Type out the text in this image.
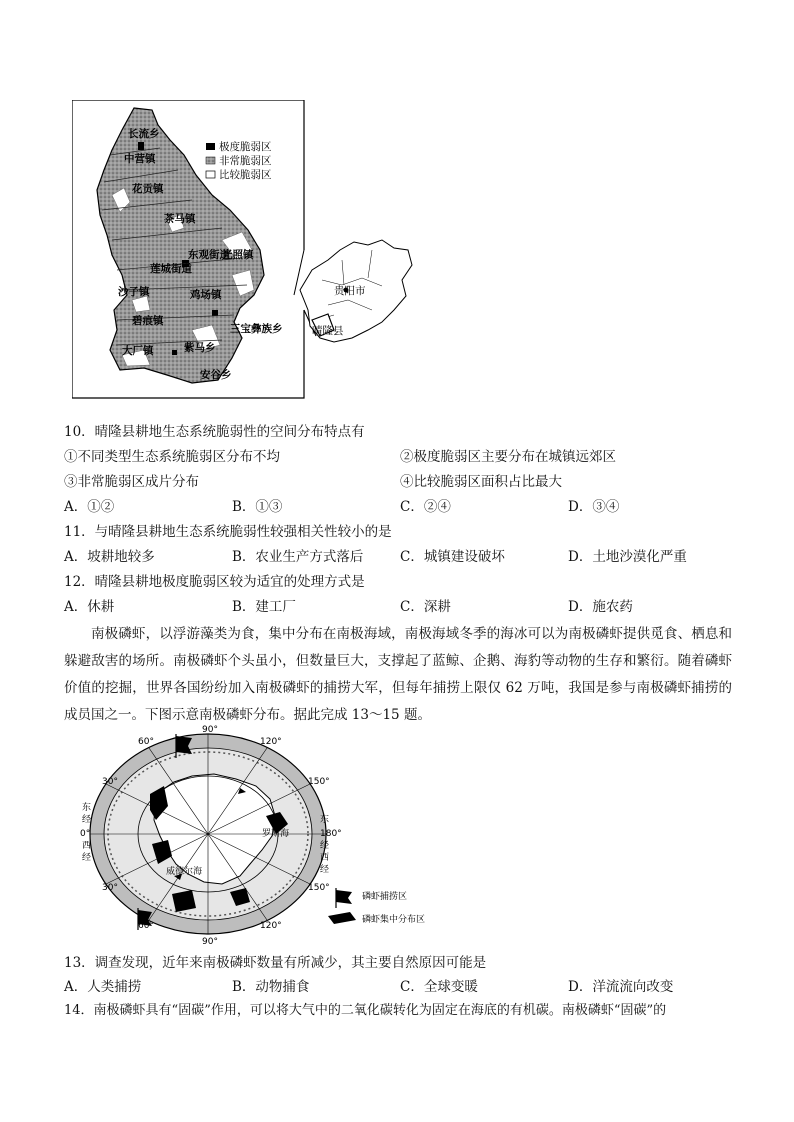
极度脆弱区
非常脆弱区
比较脆弱区
长流乡
中营镇
花贡镇
茶马镇
莲城街道
东观街道
光照镇
沙子镇	鸡场镇
碧痕镇
三宝彝族乡
大厂镇	紫马乡
安谷乡
贵阳市
晴隆县
10．晴隆县耕地生态系统脆弱性的空间分布特点有
①不同类型生态系统脆弱区分布不均	②极度脆弱区主要分布在城镇远郊区
③非常脆弱区成片分布	④比较脆弱区面积占比最大
A．①②	B．①③	C．②④	D．③④
11．与晴隆县耕地生态系统脆弱性较强相关性较小的是
A．坡耕地较多	B．农业生产方式落后	C．城镇建设破坏	D．土地沙漠化严重
12．晴隆县耕地极度脆弱区较为适宜的处理方式是
A．休耕	B．建工厂	C．深耕	D．施农药
南极磷虾，以浮游藻类为食，集中分布在南极海域，南极海域冬季的海冰可以为南极磷虾提供觅食、栖息和躲避敌害的场所。南极磷虾个头虽小，但数量巨大，支撑起了蓝鲸、企鹅、海豹等动物的生存和繁衍。随着磷虾价值的挖掘，世界各国纷纷加入南极磷虾的捕捞大军，但每年捕捞上限仅 62 万吨，我国是参与南极磷虾捕捞的成员国之一。下图示意南极磷虾分布。据此完成 13～15 题。
90°
60°	120°
30°	150°
180°
0°
东
经
西
经
东
经
西
经
30°	150°
60°	120°
90°
罗斯海
威德尔海
磷虾捕捞区
磷虾集中分布区
13．调查发现，近年来南极磷虾数量有所减少，其主要自然原因可能是
A．人类捕捞	B．动物捕食	C．全球变暖	D．洋流流向改变
14．南极磷虾具有“固碳”作用，可以将大气中的二氧化碳转化为固定在海底的有机碳。南极磷虾“固碳”的
